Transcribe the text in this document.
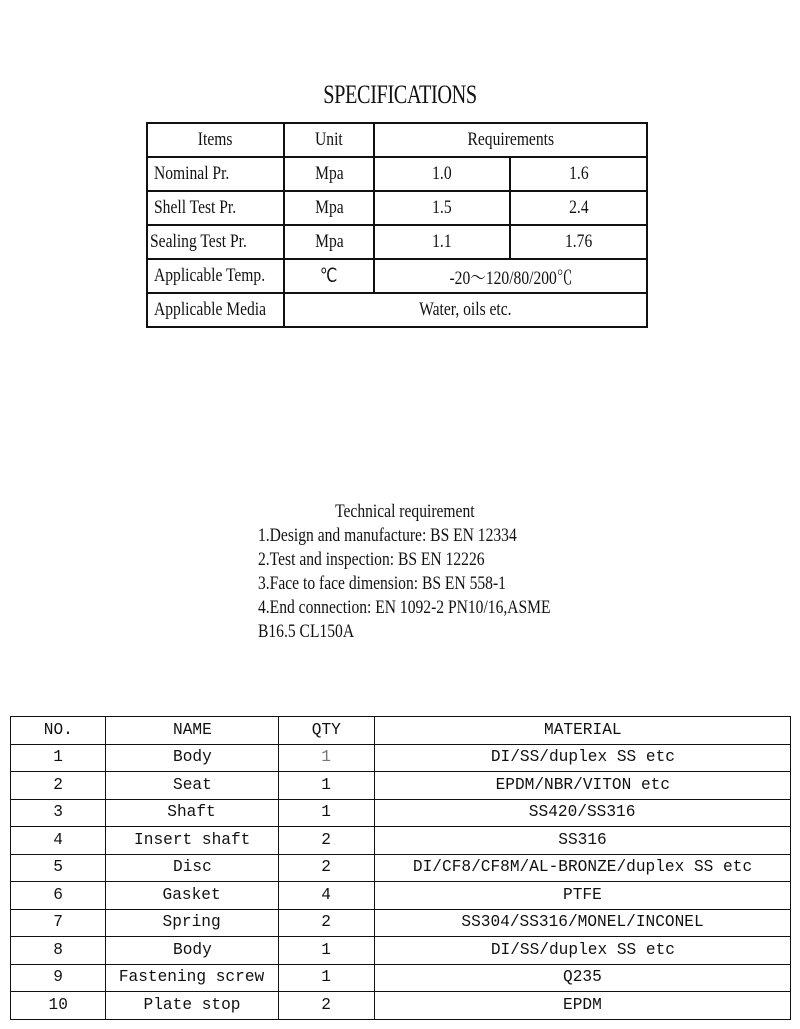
SPECIFICATIONS
Items	Unit	Requirements	
Nominal Pr.	Mpa	1.0	1.6
Shell Test Pr.	Mpa	1.5	2.4
Sealing Test Pr.	Mpa	1.1	1.76
Applicable Temp.	℃	-20～120/80/200℃	
Applicable Media	Water, oils etc.		
Technical requirement
1.Design and manufacture: BS EN 12334
2.Test and inspection: BS EN 12226
3.Face to face dimension: BS EN 558-1
4.End connection: EN 1092-2 PN10/16,ASME
B16.5 CL150A
NO.	NAME	QTY	MATERIAL
1	Body	1	DI/SS/duplex SS etc
2	Seat	1	EPDM/NBR/VITON etc
3	Shaft	1	SS420/SS316
4	Insert shaft	2	SS316
5	Disc	2	DI/CF8/CF8M/AL-BRONZE/duplex SS etc
6	Gasket	4	PTFE
7	Spring	2	SS304/SS316/MONEL/INCONEL
8	Body	1	DI/SS/duplex SS etc
9	Fastening screw	1	Q235
10	Plate stop	2	EPDM
